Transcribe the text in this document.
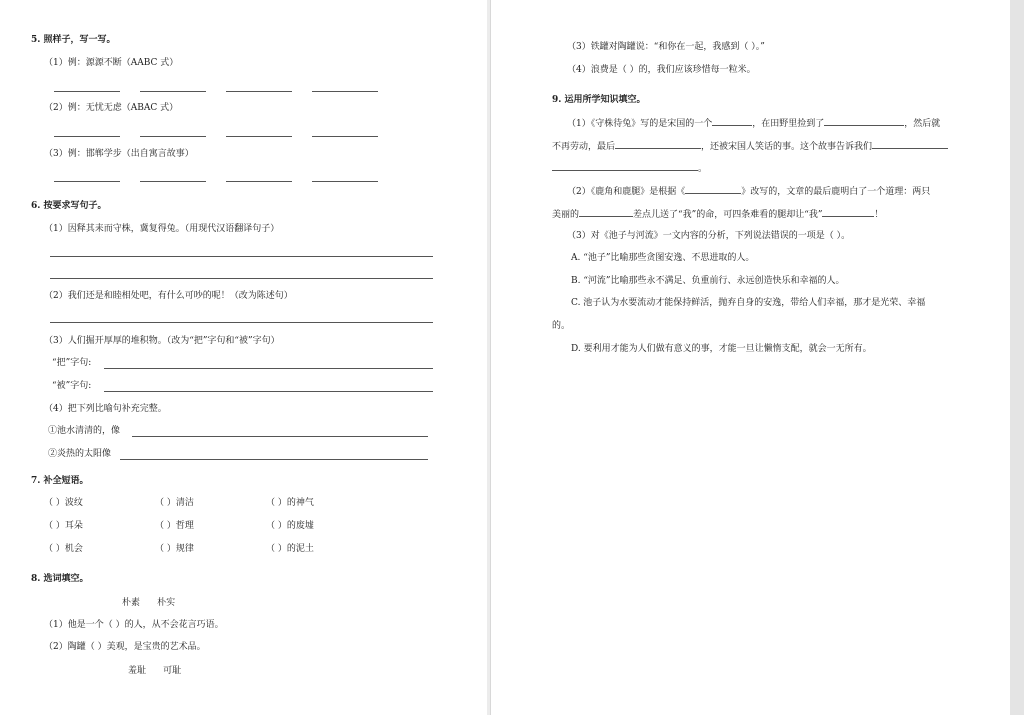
5. 照样子，写一写。
（1）例：源源不断（AABC 式）
（2）例：无忧无虑（ABAC 式）
（3）例：邯郸学步（出自寓言故事）
6. 按要求写句子。
（1）因释其耒而守株，冀复得兔。（用现代汉语翻译句子）
（2）我们还是和睦相处吧，有什么可吵的呢！（改为陈述句）
（3）人们掘开厚厚的堆积物。（改为“把”字句和“被”字句）
“把”字句:
“被”字句:
（4）把下列比喻句补充完整。
①池水清清的，像
②炎热的太阳像
7. 补全短语。
（ ）波纹	（ ）清洁	（ ）的神气
（ ）耳朵	（ ）哲理	（ ）的废墟
（ ）机会	（ ）规律	（ ）的泥土
8. 选词填空。
朴素      朴实
（1）他是一个（ ）的人，从不会花言巧语。
（2）陶罐（ ）美观，是宝贵的艺术品。
羞耻      可耻
（3）铁罐对陶罐说：“和你在一起，我感到（ ）。”
（4）浪费是（ ）的，我们应该珍惜每一粒米。
9. 运用所学知识填空。
（1）《守株待兔》写的是宋国的一个	，在田野里捡到了	，然后就
不再劳动，最后	，还被宋国人笑话的事。这个故事告诉我们
。
（2）《鹿角和鹿腿》是根据《	》改写的，文章的最后鹿明白了一个道理：两只
美丽的	差点儿送了“我”的命，可四条难看的腿却让“我”	！
（3）对《池子与河流》一文内容的分析，下列说法错误的一项是（ ）。
A. “池子”比喻那些贪图安逸、不思进取的人。
B. “河流”比喻那些永不满足、负重前行、永远创造快乐和幸福的人。
C. 池子认为水要流动才能保持鲜活，抛弃自身的安逸，带给人们幸福，那才是光荣、幸福
的。
D. 要利用才能为人们做有意义的事，才能一旦让懒惰支配，就会一无所有。
